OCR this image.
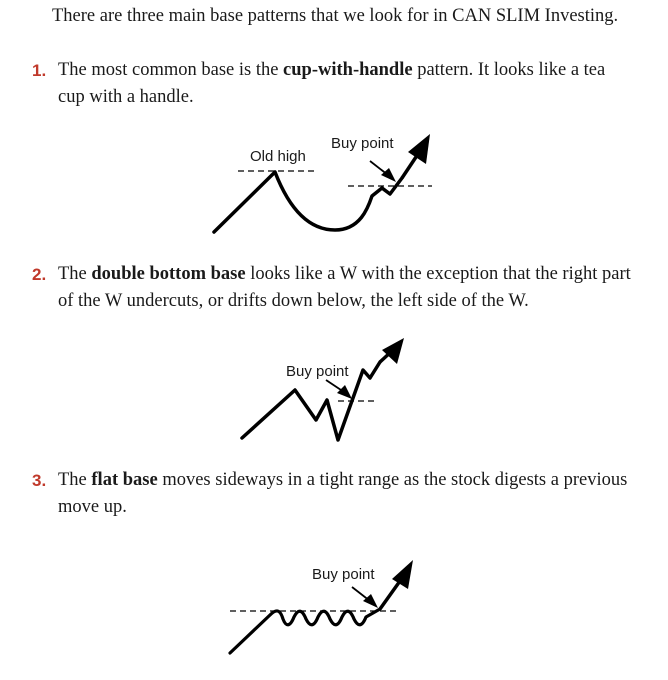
There are three main base patterns that we look for in CAN SLIM Investing.

1. The most common base is the cup-with-handle pattern. It looks like a tea cup with a handle.

Old high
Buy point

2. The double bottom base looks like a W with the exception that the right part of the W undercuts, or drifts down below, the left side of the W.

Buy point

3. The flat base moves sideways in a tight range as the stock digests a previous move up.

Buy point
